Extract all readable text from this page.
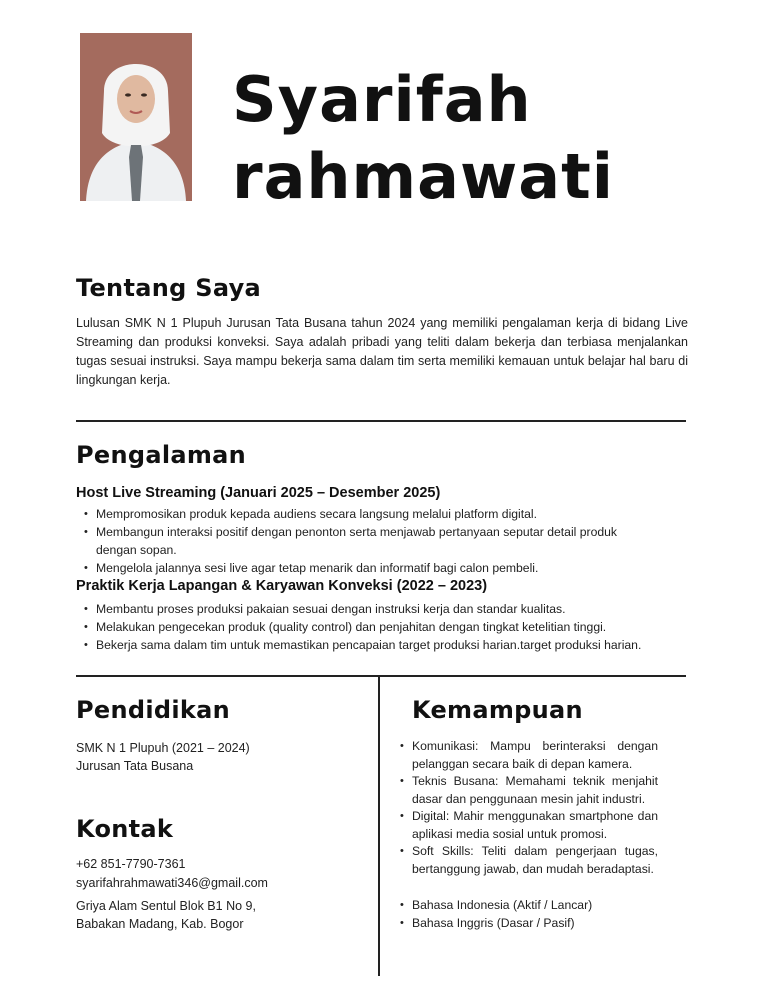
Syarifah
rahmawati
Tentang Saya
Lulusan SMK N 1 Plupuh Jurusan Tata Busana tahun 2024 yang memiliki pengalaman kerja di bidang Live Streaming dan produksi konveksi. Saya adalah pribadi yang teliti dalam bekerja dan terbiasa menjalankan tugas sesuai instruksi. Saya mampu bekerja sama dalam tim serta memiliki kemauan untuk belajar hal baru di lingkungan kerja.
Pengalaman
Host Live Streaming (Januari 2025 – Desember 2025)
• Mempromosikan produk kepada audiens secara langsung melalui platform digital.
• Membangun interaksi positif dengan penonton serta menjawab pertanyaan seputar detail produk dengan sopan.
• Mengelola jalannya sesi live agar tetap menarik dan informatif bagi calon pembeli.
Praktik Kerja Lapangan & Karyawan Konveksi (2022 – 2023)
• Membantu proses produksi pakaian sesuai dengan instruksi kerja dan standar kualitas.
• Melakukan pengecekan produk (quality control) dan penjahitan dengan tingkat ketelitian tinggi.
• Bekerja sama dalam tim untuk memastikan pencapaian target produksi harian.target produksi harian.
Pendidikan
SMK N 1 Plupuh (2021 – 2024)
Jurusan Tata Busana
Kontak
+62 851-7790-7361
syarifahrahmawati346@gmail.com
Griya Alam Sentul Blok B1 No 9,
Babakan Madang, Kab. Bogor
Kemampuan
• Komunikasi: Mampu berinteraksi dengan pelanggan secara baik di depan kamera.
• Teknis Busana: Memahami teknik menjahit dasar dan penggunaan mesin jahit industri.
• Digital: Mahir menggunakan smartphone dan aplikasi media sosial untuk promosi.
• Soft Skills: Teliti dalam pengerjaan tugas, bertanggung jawab, dan mudah beradaptasi.
• Bahasa Indonesia (Aktif / Lancar)
• Bahasa Inggris (Dasar / Pasif)
